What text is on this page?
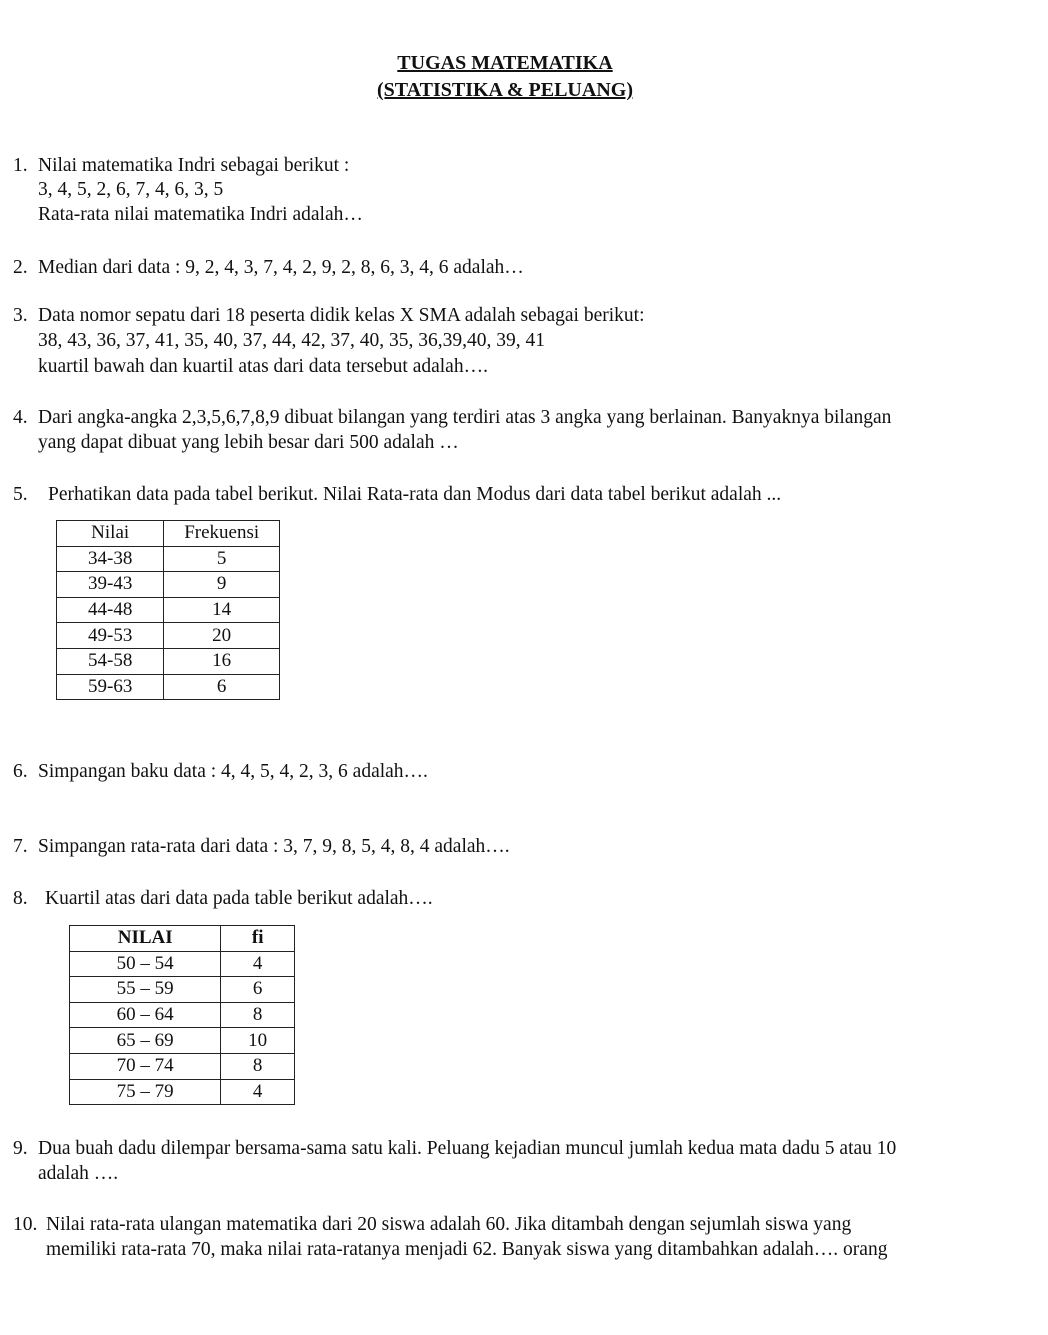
TUGAS MATEMATIKA
(STATISTIKA & PELUANG)
1. Nilai matematika Indri sebagai berikut :
3, 4, 5, 2, 6, 7, 4, 6, 3, 5
Rata-rata nilai matematika Indri adalah…
2. Median dari data : 9, 2, 4, 3, 7, 4, 2, 9, 2, 8, 6, 3, 4, 6 adalah…
3. Data nomor sepatu dari 18 peserta didik kelas X SMA adalah sebagai berikut:
38, 43, 36, 37, 41, 35, 40, 37, 44, 42, 37, 40, 35, 36,39,40, 39, 41
kuartil bawah dan kuartil atas dari data tersebut adalah….
4. Dari angka-angka 2,3,5,6,7,8,9 dibuat bilangan yang terdiri atas 3 angka yang berlainan. Banyaknya bilangan
yang dapat dibuat yang lebih besar dari 500 adalah …
5. Perhatikan data pada tabel berikut. Nilai Rata-rata dan Modus dari data tabel berikut adalah ...
Nilai	Frekuensi
34-38	5
39-43	9
44-48	14
49-53	20
54-58	16
59-63	6
6. Simpangan baku data : 4, 4, 5, 4, 2, 3, 6 adalah….
7. Simpangan rata-rata dari data : 3, 7, 9, 8, 5, 4, 8, 4 adalah….
8. Kuartil atas dari data pada table berikut adalah….
NILAI	fi
50 – 54	4
55 – 59	6
60 – 64	8
65 – 69	10
70 – 74	8
75 – 79	4
9. Dua buah dadu dilempar bersama-sama satu kali. Peluang kejadian muncul jumlah kedua mata dadu 5 atau 10
adalah ….
10. Nilai rata-rata ulangan matematika dari 20 siswa adalah 60. Jika ditambah dengan sejumlah siswa yang
memiliki rata-rata 70, maka nilai rata-ratanya menjadi 62. Banyak siswa yang ditambahkan adalah…. orang
